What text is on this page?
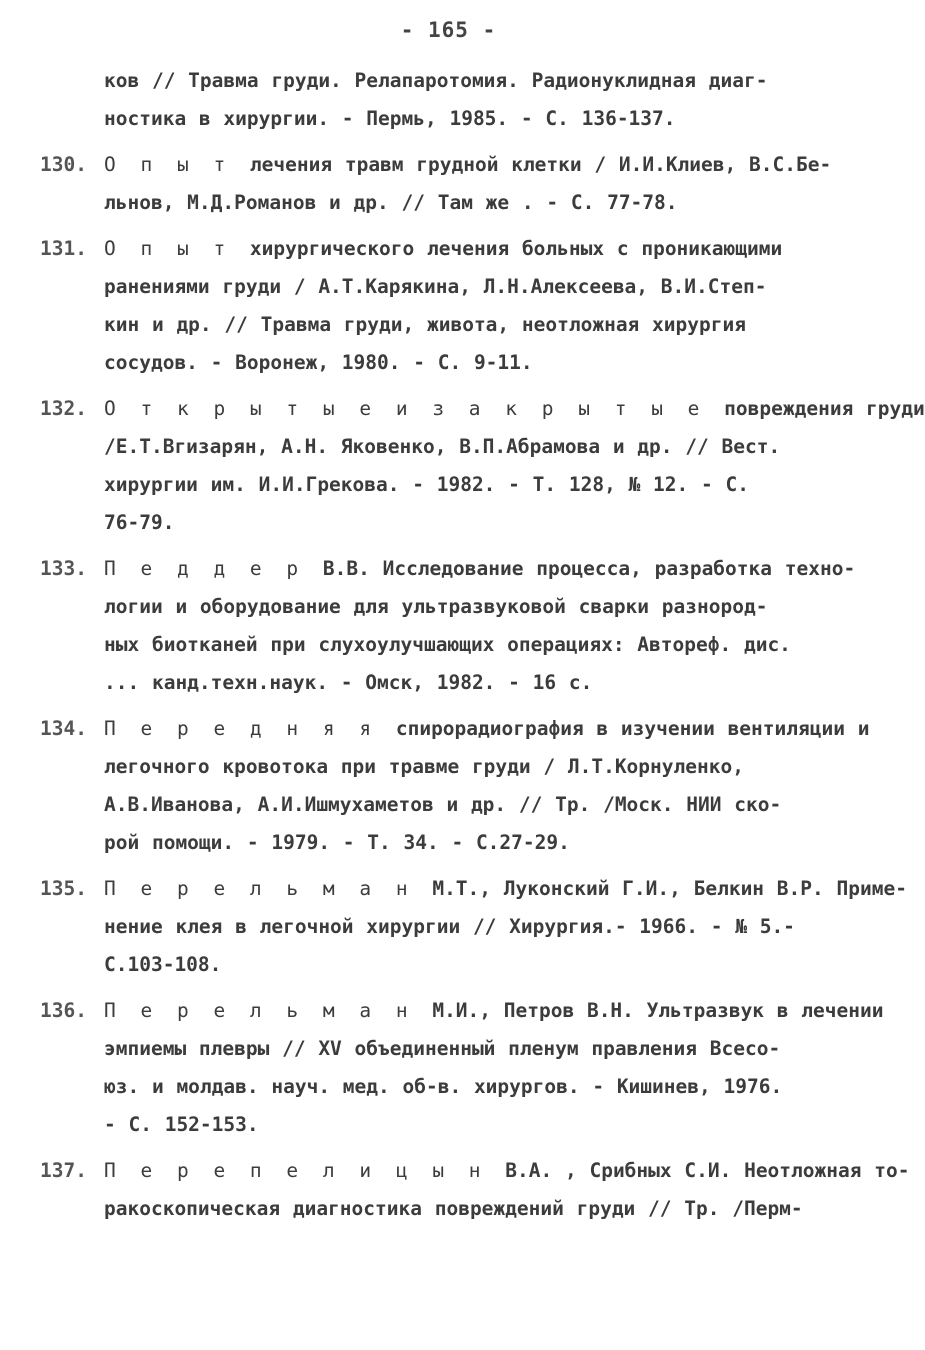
- 165 -
ков // Травма груди. Релапаротомия. Радионуклидная диаг-
ностика в хирургии. - Пермь, 1985. - С. 136-137.
130. О п ы т лечения травм грудной клетки / И.И.Клиев, В.С.Бе-
льнов, М.Д.Романов и др. // Там же . - С. 77-78.
131. О п ы т хирургического лечения больных с проникающими
ранениями груди / А.Т.Карякина, Л.Н.Алексеева, В.И.Степ-
кин и др. // Травма груди, живота, неотложная хирургия
сосудов. - Воронеж, 1980. - С. 9-11.
132. О т к р ы т ы е и з а к р ы т ы е повреждения груди
/Е.Т.Вгизарян, А.Н. Яковенко, В.П.Абрамова и др. // Вест.
хирургии им. И.И.Грекова. - 1982. - Т. 128, № 12. - С.
76-79.
133. П е д д е р В.В. Исследование процесса, разработка техно-
логии и оборудование для ультразвуковой сварки разнород-
ных биотканей при слухоулучшающих операциях: Автореф. дис.
... канд.техн.наук. - Омск, 1982. - 16 с.
134. П е р е д н я я спирорадиография в изучении вентиляции и
легочного кровотока при травме груди / Л.Т.Корнуленко,
А.В.Иванова, А.И.Ишмухаметов и др. // Тр. /Моск. НИИ ско-
рой помощи. - 1979. - Т. 34. - С.27-29.
135. П е р е л ь м а н М.Т., Луконский Г.И., Белкин В.Р. Приме-
нение клея в легочной хирургии // Хирургия.- 1966. - № 5.-
С.103-108.
136. П е р е л ь м а н М.И., Петров В.Н. Ультразвук в лечении
эмпиемы плевры // XV объединенный пленум правления Всесо-
юз. и молдав. науч. мед. об-в. хирургов. - Кишинев, 1976.
- С. 152-153.
137. П е р е п е л и ц ы н В.А. , Срибных С.И. Неотложная то-
ракоскопическая диагностика повреждений груди // Тр. /Перм-
